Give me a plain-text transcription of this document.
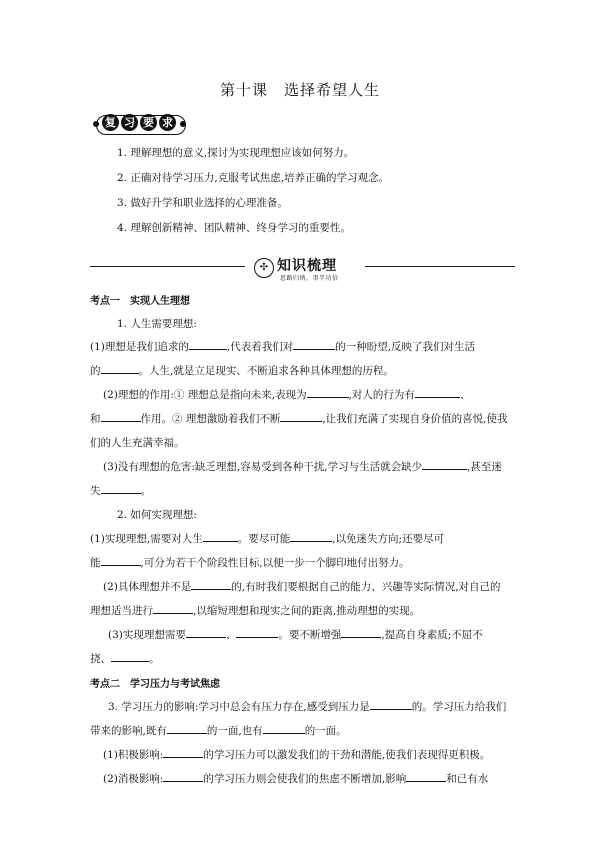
第十课　选择希望人生
复 习 要 求
1. 理解理想的意义,探讨为实现理想应该如何努力。
2. 正确对待学习压力,克服考试焦虑,培养正确的学习观念。
3. 做好升学和职业选择的心理准备。
4. 理解创新精神、团队精神、终身学习的重要性。
✣ 知识梳理
思路归纳，事半功倍
考点一　实现人生理想
1. 人生需要理想:
(1)理想是我们追求的	,代表着我们对	的一种盼望,反映了我们对生活
的	。人生,就是立足现实、不断追求各种具体理想的历程。
(2)理想的作用:① 理想总是指向未来,表现为	,对人的行为有	、
和	作用。② 理想激励着我们不断	,让我们充满了实现自身价值的喜悦,使我
们的人生充满幸福。
(3)没有理想的危害:缺乏理想,容易受到各种干扰,学习与生活就会缺少	,甚至迷
失	。
2. 如何实现理想:
(1)实现理想,需要对人生	。要尽可能	,以免迷失方向;还要尽可
能	,可分为若干个阶段性目标,以便一步一个脚印地付出努力。
(2)具体理想并不是	的,有时我们要根据自己的能力、兴趣等实际情况,对自己的
理想适当进行	,以缩短理想和现实之间的距离,推动理想的实现。
(3)实现理想需要	、	。要不断增强	,提高自身素质;不屈不
挠、	。
考点二　学习压力与考试焦虑
3. 学习压力的影响:学习中总会有压力存在,感受到压力是	的。学习压力给我们
带来的影响,既有	的一面,也有	的一面。
(1)积极影响:	的学习压力可以激发我们的干劲和潜能,使我们表现得更积极。
(2)消极影响:	的学习压力则会使我们的焦虑不断增加,影响	和已有水
